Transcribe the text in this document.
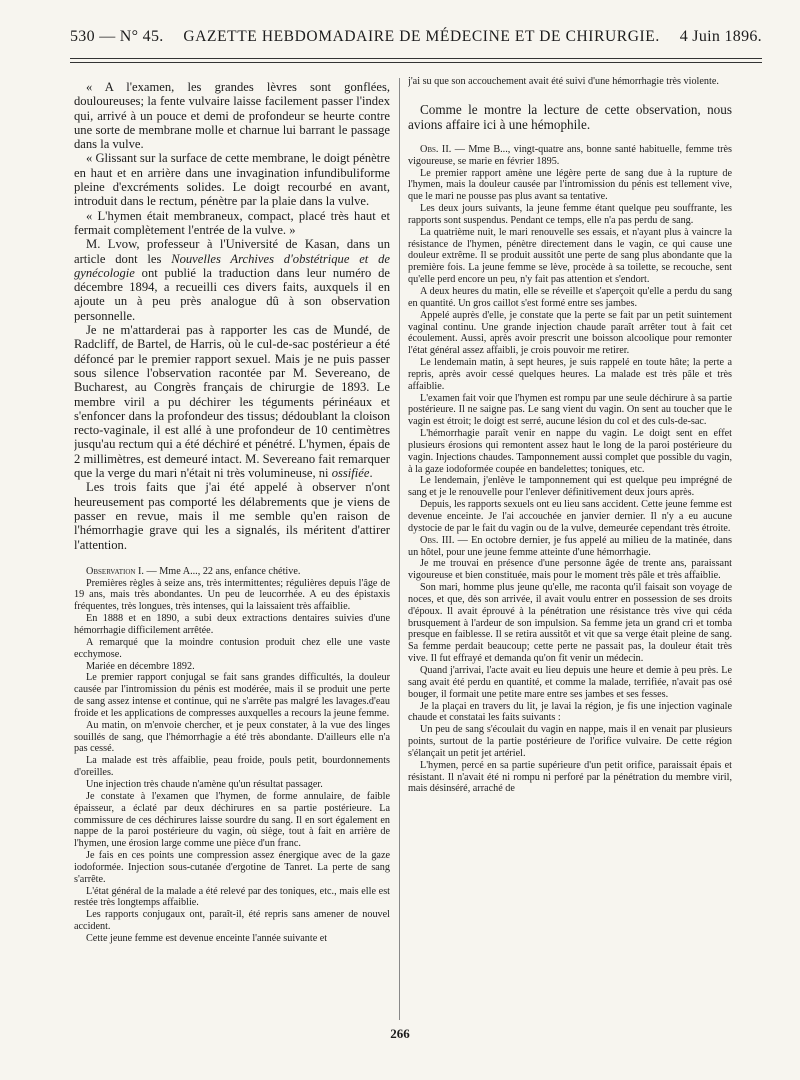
530 — N° 45. GAZETTE HEBDOMADAIRE DE MÉDECINE ET DE CHIRURGIE. 4 Juin 1896.

« A l'examen, les grandes lèvres sont gonflées, douloureuses; la fente vulvaire laisse facilement passer l'index qui, arrivé à un pouce et demi de profondeur se heurte contre une sorte de membrane molle et charnue lui barrant le passage dans la vulve.

« Glissant sur la surface de cette membrane, le doigt pénètre en haut et en arrière dans une invagination infundibuliforme pleine d'excréments solides. Le doigt recourbé en avant, introduit dans le rectum, pénètre par la plaie dans la vulve.

« L'hymen était membraneux, compact, placé très haut et fermait complètement l'entrée de la vulve. »

M. Lvow, professeur à l'Université de Kasan, dans un article dont les Nouvelles Archives d'obstétrique et de gynécologie ont publié la traduction dans leur numéro de décembre 1894, a recueilli ces divers faits, auxquels il en ajoute un à peu près analogue dû à son observation personnelle.

Je ne m'attarderai pas à rapporter les cas de Mundé, de Radcliff, de Bartel, de Harris, où le cul-de-sac postérieur a été défoncé par le premier rapport sexuel. Mais je ne puis passer sous silence l'observation racontée par M. Severeano, de Bucharest, au Congrès français de chirurgie de 1893. Le membre viril a pu déchirer les téguments périnéaux et s'enfoncer dans la profondeur des tissus; dédoublant la cloison recto-vaginale, il est allé à une profondeur de 10 centimètres jusqu'au rectum qui a été déchiré et pénétré. L'hymen, épais de 2 millimètres, est demeuré intact. M. Severeano fait remarquer que la verge du mari n'était ni très volumineuse, ni ossifiée.

Les trois faits que j'ai été appelé à observer n'ont heureusement pas comporté les délabrements que je viens de passer en revue, mais il me semble qu'en raison de l'hémorrhagie grave qui les a signalés, ils méritent d'attirer l'attention.

Observation I. — Mme A..., 22 ans, enfance chétive.

Premières règles à seize ans, très intermittentes; régulières depuis l'âge de 19 ans, mais très abondantes. Un peu de leucorrhée. A eu des épistaxis fréquentes, très longues, très intenses, qui la laissaient très affaiblie.

En 1888 et en 1890, a subi deux extractions dentaires suivies d'une hémorrhagie difficilement arrêtée.

A remarqué que la moindre contusion produit chez elle une vaste ecchymose.

Mariée en décembre 1892.

Le premier rapport conjugal se fait sans grandes difficultés, la douleur causée par l'intromission du pénis est modérée, mais il se produit une perte de sang assez intense et continue, qui ne s'arrête pas malgré les lavages.d'eau froide et les applications de compresses auxquelles a recours la jeune femme.

Au matin, on m'envoie chercher, et je peux constater, à la vue des linges souillés de sang, que l'hémorrhagie a été très abondante. D'ailleurs elle n'a pas cessé.

La malade est très affaiblie, peau froide, pouls petit, bourdonnements d'oreilles.

Une injection très chaude n'amène qu'un résultat passager.

Je constate à l'examen que l'hymen, de forme annulaire, de faible épaisseur, a éclaté par deux déchirures en sa partie postérieure. La commissure de ces déchirures laisse sourdre du sang. Il en sort également en nappe de la paroi postérieure du vagin, où siège, tout à fait en arrière de l'hymen, une érosion large comme une pièce d'un franc.

Je fais en ces points une compression assez énergique avec de la gaze iodoformée. Injection sous-cutanée d'ergotine de Tanret. La perte de sang s'arrête.

L'état général de la malade a été relevé par des toniques, etc., mais elle est restée très longtemps affaiblie.

Les rapports conjugaux ont, paraît-il, été repris sans amener de nouvel accident.

Cette jeune femme est devenue enceinte l'année suivante et

j'ai su que son accouchement avait été suivi d'une hémorrhagie très violente.

Comme le montre la lecture de cette observation, nous avions affaire ici à une hémophile.

Obs. II. — Mme B..., vingt-quatre ans, bonne santé habituelle, femme très vigoureuse, se marie en février 1895.

Le premier rapport amène une légère perte de sang due à la rupture de l'hymen, mais la douleur causée par l'intromission du pénis est tellement vive, que le mari ne pousse pas plus avant sa tentative.

Les deux jours suivants, la jeune femme étant quelque peu souffrante, les rapports sont suspendus. Pendant ce temps, elle n'a pas perdu de sang.

La quatrième nuit, le mari renouvelle ses essais, et n'ayant plus à vaincre la résistance de l'hymen, pénètre directement dans le vagin, ce qui cause une douleur extrême. Il se produit aussitôt une perte de sang plus abondante que la première fois. La jeune femme se lève, procède à sa toilette, se recouche, sent qu'elle perd encore un peu, n'y fait pas attention et s'endort.

A deux heures du matin, elle se réveille et s'aperçoit qu'elle a perdu du sang en quantité. Un gros caillot s'est formé entre ses jambes.

Appelé auprès d'elle, je constate que la perte se fait par un petit suintement vaginal continu. Une grande injection chaude paraît arrêter tout à fait cet écoulement. Aussi, après avoir prescrit une boisson alcoolique pour remonter l'état général assez affaibli, je crois pouvoir me retirer.

Le lendemain matin, à sept heures, je suis rappelé en toute hâte; la perte a repris, après avoir cessé quelques heures. La malade est très pâle et très affaiblie.

L'examen fait voir que l'hymen est rompu par une seule déchirure à sa partie postérieure. Il ne saigne pas. Le sang vient du vagin. On sent au toucher que le vagin est étroit; le doigt est serré, aucune lésion du col et des culs-de-sac.

L'hémorrhagie paraît venir en nappe du vagin. Le doigt sent en effet plusieurs érosions qui remontent assez haut le long de la paroi postérieure du vagin. Injections chaudes. Tamponnement aussi complet que possible du vagin, à la gaze iodoformée coupée en bandelettes; toniques, etc.

Le lendemain, j'enlève le tamponnement qui est quelque peu imprégné de sang et je le renouvelle pour l'enlever définitivement deux jours après.

Depuis, les rapports sexuels ont eu lieu sans accident. Cette jeune femme est devenue enceinte. Je l'ai accouchée en janvier dernier. Il n'y a eu aucune dystocie de par le fait du vagin ou de la vulve, demeurée cependant très étroite.

Obs. III. — En octobre dernier, je fus appelé au milieu de la matinée, dans un hôtel, pour une jeune femme atteinte d'une hémorrhagie.

Je me trouvai en présence d'une personne âgée de trente ans, paraissant vigoureuse et bien constituée, mais pour le moment très pâle et très affaiblie.

Son mari, homme plus jeune qu'elle, me raconta qu'il faisait son voyage de noces, et que, dès son arrivée, il avait voulu entrer en possession de ses droits d'époux. Il avait éprouvé à la pénétration une résistance très vive qui céda brusquement à l'ardeur de son impulsion. Sa femme jeta un grand cri et tomba presque en faiblesse. Il se retira aussitôt et vit que sa verge était pleine de sang. Sa femme perdait beaucoup; cette perte ne passait pas, la douleur était très vive. Il fut effrayé et demanda qu'on fit venir un médecin.

Quand j'arrivai, l'acte avait eu lieu depuis une heure et demie à peu près. Le sang avait été perdu en quantité, et comme la malade, terrifiée, n'avait pas osé bouger, il formait une petite mare entre ses jambes et ses fesses.

Je la plaçai en travers du lit, je lavai la région, je fis une injection vaginale chaude et constatai les faits suivants :

Un peu de sang s'écoulait du vagin en nappe, mais il en venait par plusieurs points, surtout de la partie postérieure de l'orifice vulvaire. De cette région s'élançait un petit jet artériel.

L'hymen, percé en sa partie supérieure d'un petit orifice, paraissait épais et résistant. Il n'avait été ni rompu ni perforé par la pénétration du membre viril, mais désinséré, arraché de

266
